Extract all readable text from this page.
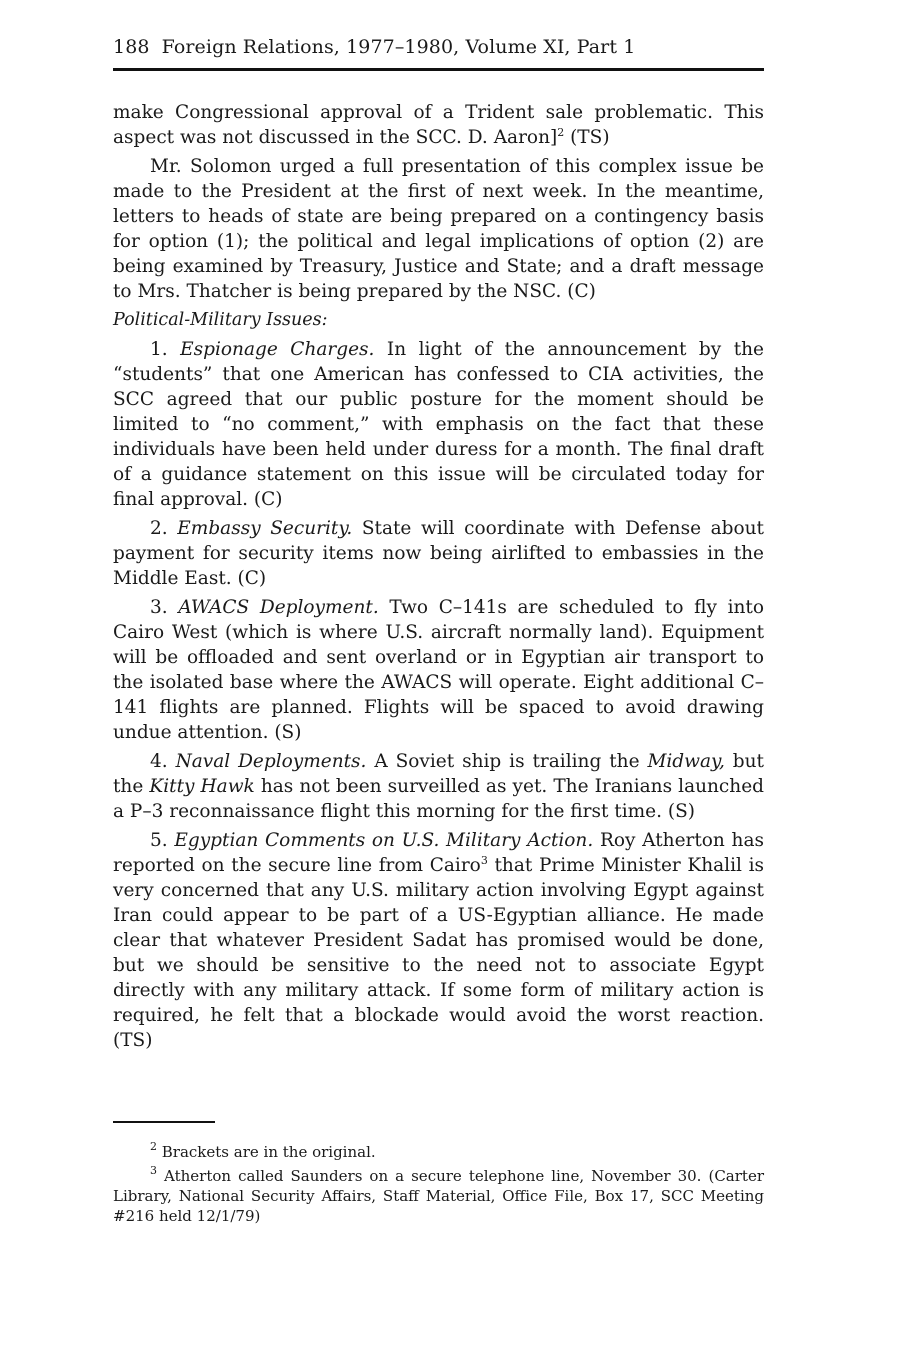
188 Foreign Relations, 1977–1980, Volume XI, Part 1

make Congressional approval of a Trident sale problematic. This aspect was not discussed in the SCC. D. Aaron]$^2$ (TS)

Mr. Solomon urged a full presentation of this complex issue be made to the President at the first of next week. In the meantime, letters to heads of state are being prepared on a contingency basis for option (1); the political and legal implications of option (2) are being examined by Treasury, Justice and State; and a draft message to Mrs. Thatcher is being prepared by the NSC. (C)

Political-Military Issues:

1. Espionage Charges. In light of the announcement by the “students” that one American has confessed to CIA activities, the SCC agreed that our public posture for the moment should be limited to “no comment,” with emphasis on the fact that these individuals have been held under duress for a month. The final draft of a guidance statement on this issue will be circulated today for final approval. (C)

2. Embassy Security. State will coordinate with Defense about payment for security items now being airlifted to embassies in the Middle East. (C)

3. AWACS Deployment. Two C–141s are scheduled to fly into Cairo West (which is where U.S. aircraft normally land). Equipment will be offloaded and sent overland or in Egyptian air transport to the isolated base where the AWACS will operate. Eight additional C–141 flights are planned. Flights will be spaced to avoid drawing undue attention. (S)

4. Naval Deployments. A Soviet ship is trailing the Midway, but the Kitty Hawk has not been surveilled as yet. The Iranians launched a P–3 reconnaissance flight this morning for the first time. (S)

5. Egyptian Comments on U.S. Military Action. Roy Atherton has reported on the secure line from Cairo$^3$ that Prime Minister Khalil is very concerned that any U.S. military action involving Egypt against Iran could appear to be part of a US-Egyptian alliance. He made clear that whatever President Sadat has promised would be done, but we should be sensitive to the need not to associate Egypt directly with any military attack. If some form of military action is required, he felt that a blockade would avoid the worst reaction. (TS)

$^2$ Brackets are in the original.

$^3$ Atherton called Saunders on a secure telephone line, November 30. (Carter Library, National Security Affairs, Staff Material, Office File, Box 17, SCC Meeting #216 held 12/1/79)
